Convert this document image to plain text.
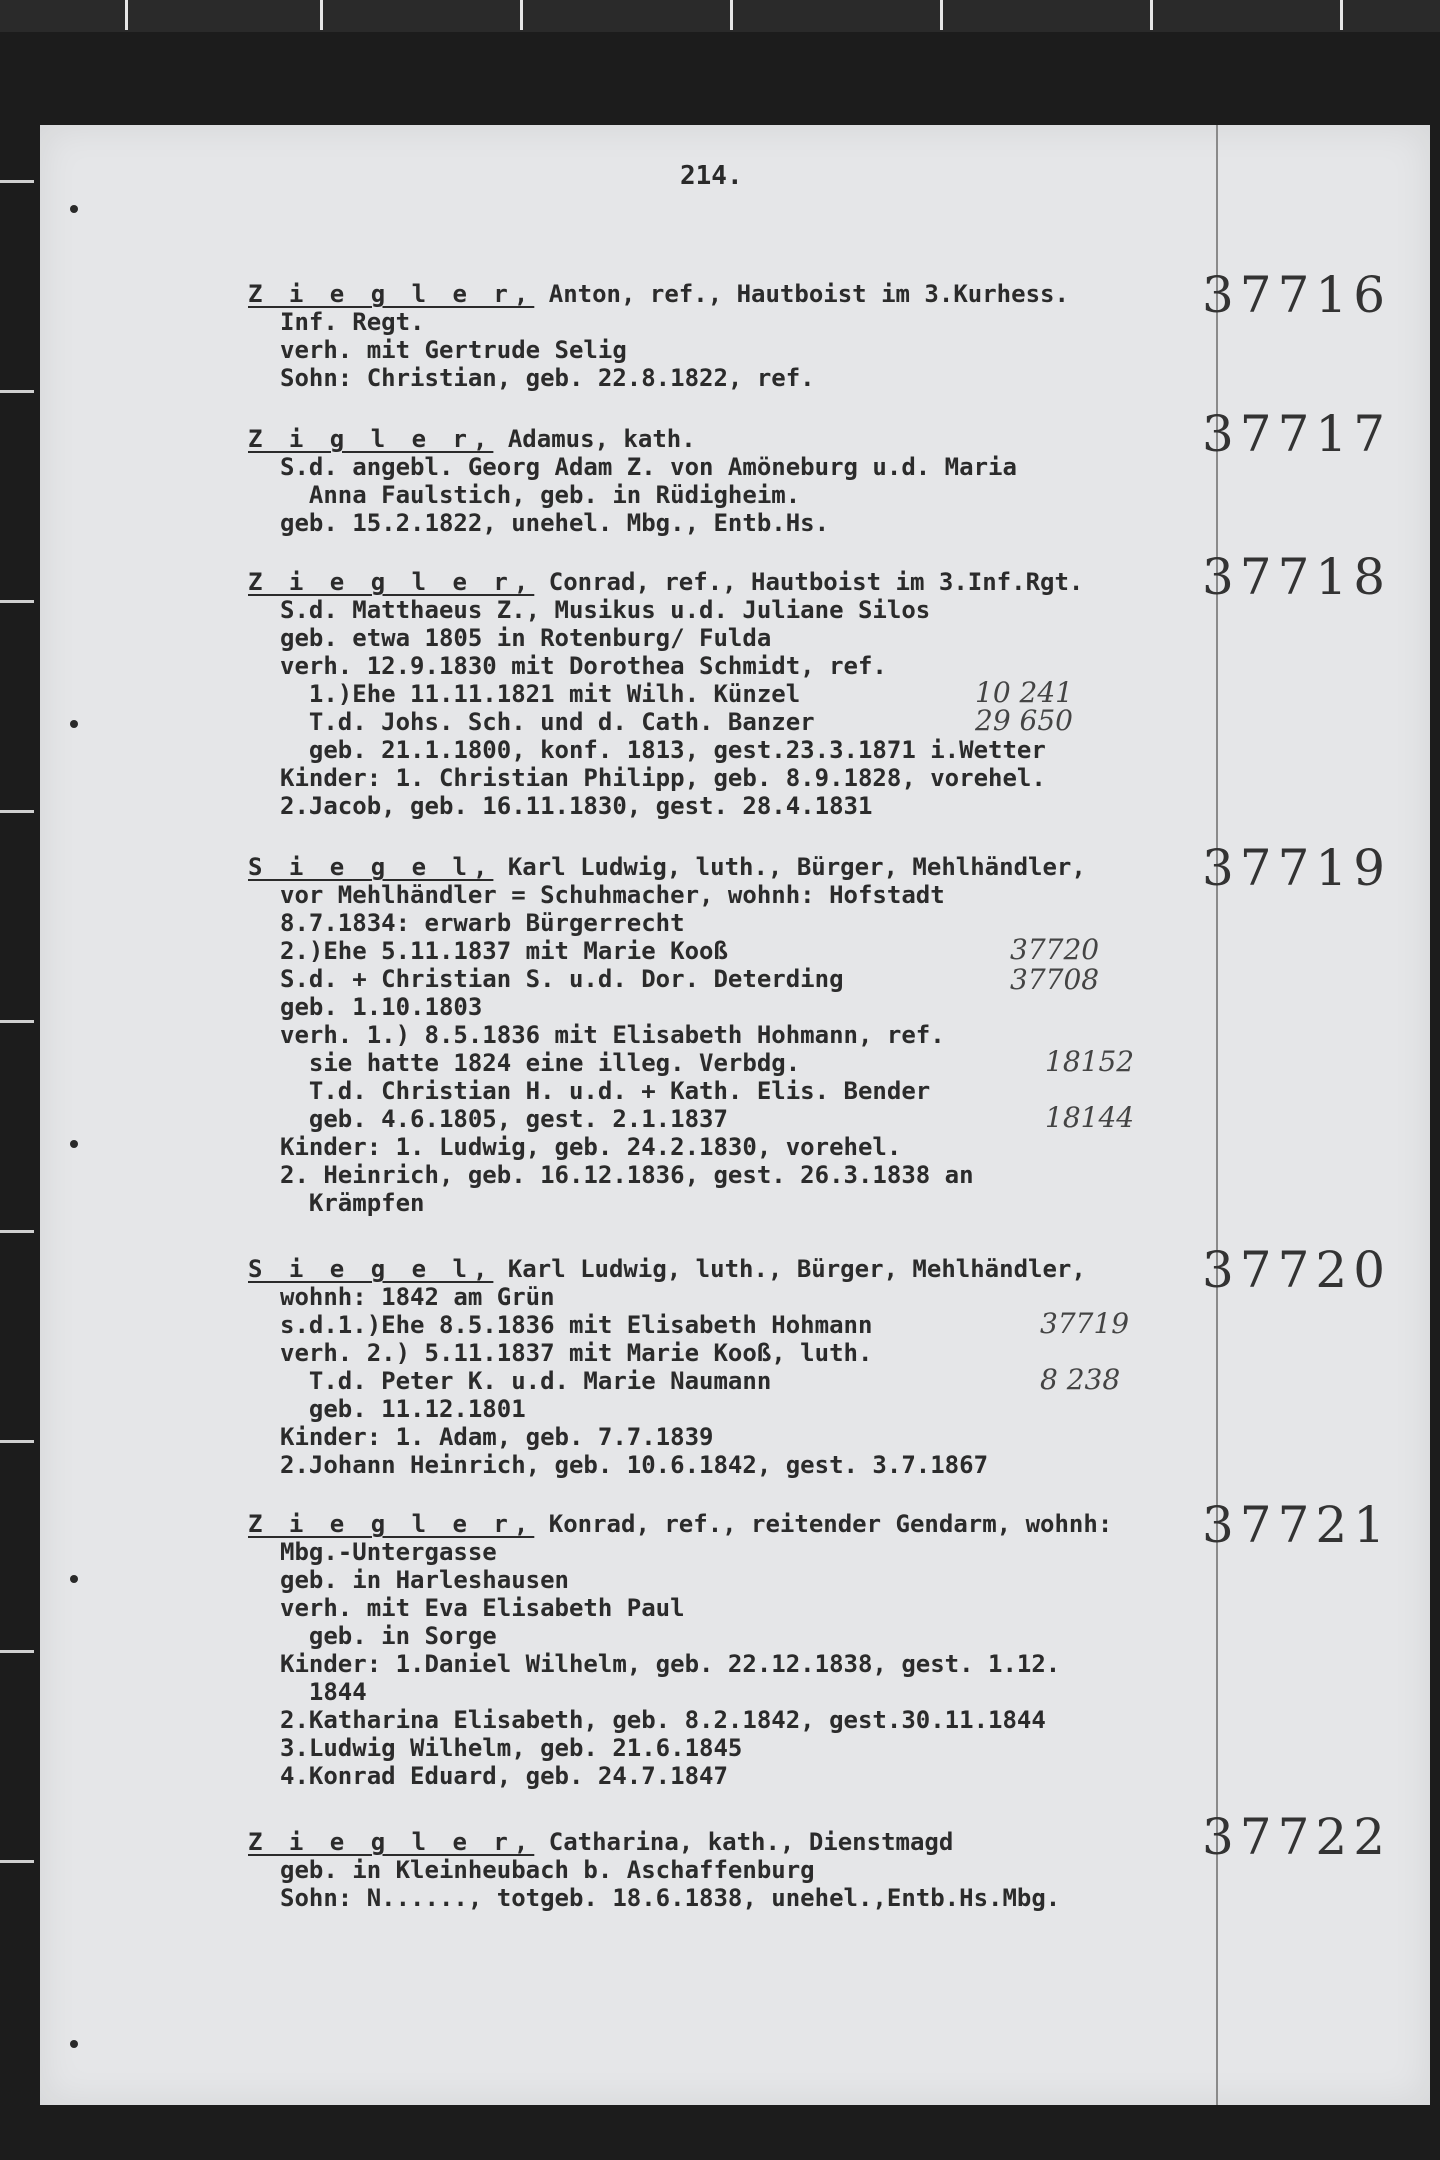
214.
Z i e g l e r, Anton, ref., Hautboist im 3.Kurhess.
Inf. Regt.
verh. mit Gertrude Selig
Sohn: Christian, geb. 22.8.1822, ref.
37716
Z i g l e r, Adamus, kath.
S.d. angebl. Georg Adam Z. von Amöneburg u.d. Maria
Anna Faulstich, geb. in Rüdigheim.
geb. 15.2.1822, unehel. Mbg., Entb.Hs.
37717
Z i e g l e r, Conrad, ref., Hautboist im 3.Inf.Rgt.
S.d. Matthaeus Z., Musikus u.d. Juliane Silos
geb. etwa 1805 in Rotenburg/ Fulda
verh. 12.9.1830 mit Dorothea Schmidt, ref.
1.)Ehe 11.11.1821 mit Wilh. Künzel
T.d. Johs. Sch. und d. Cath. Banzer
geb. 21.1.1800, konf. 1813, gest.23.3.1871 i.Wetter
Kinder: 1. Christian Philipp, geb. 8.9.1828, vorehel.
2.Jacob, geb. 16.11.1830, gest. 28.4.1831
10 241
29 650
37718
S i e g e l, Karl Ludwig, luth., Bürger, Mehlhändler,
vor Mehlhändler = Schuhmacher, wohnh: Hofstadt
8.7.1834: erwarb Bürgerrecht
2.)Ehe 5.11.1837 mit Marie Kooß
S.d. + Christian S. u.d. Dor. Deterding
geb. 1.10.1803
verh. 1.) 8.5.1836 mit Elisabeth Hohmann, ref.
sie hatte 1824 eine illeg. Verbdg.
T.d. Christian H. u.d. + Kath. Elis. Bender
geb. 4.6.1805, gest. 2.1.1837
Kinder: 1. Ludwig, geb. 24.2.1830, vorehel.
2. Heinrich, geb. 16.12.1836, gest. 26.3.1838 an
Krämpfen
37720
37708
18152
18144
37719
S i e g e l, Karl Ludwig, luth., Bürger, Mehlhändler,
wohnh: 1842 am Grün
s.d.1.)Ehe 8.5.1836 mit Elisabeth Hohmann
verh. 2.) 5.11.1837 mit Marie Kooß, luth.
T.d. Peter K. u.d. Marie Naumann
geb. 11.12.1801
Kinder: 1. Adam, geb. 7.7.1839
2.Johann Heinrich, geb. 10.6.1842, gest. 3.7.1867
37719
8 238
37720
Z i e g l e r, Konrad, ref., reitender Gendarm, wohnh:
Mbg.-Untergasse
geb. in Harleshausen
verh. mit Eva Elisabeth Paul
geb. in Sorge
Kinder: 1.Daniel Wilhelm, geb. 22.12.1838, gest. 1.12.
1844
2.Katharina Elisabeth, geb. 8.2.1842, gest.30.11.1844
3.Ludwig Wilhelm, geb. 21.6.1845
4.Konrad Eduard, geb. 24.7.1847
37721
Z i e g l e r, Catharina, kath., Dienstmagd
geb. in Kleinheubach b. Aschaffenburg
Sohn: N......, totgeb. 18.6.1838, unehel.,Entb.Hs.Mbg.
37722
